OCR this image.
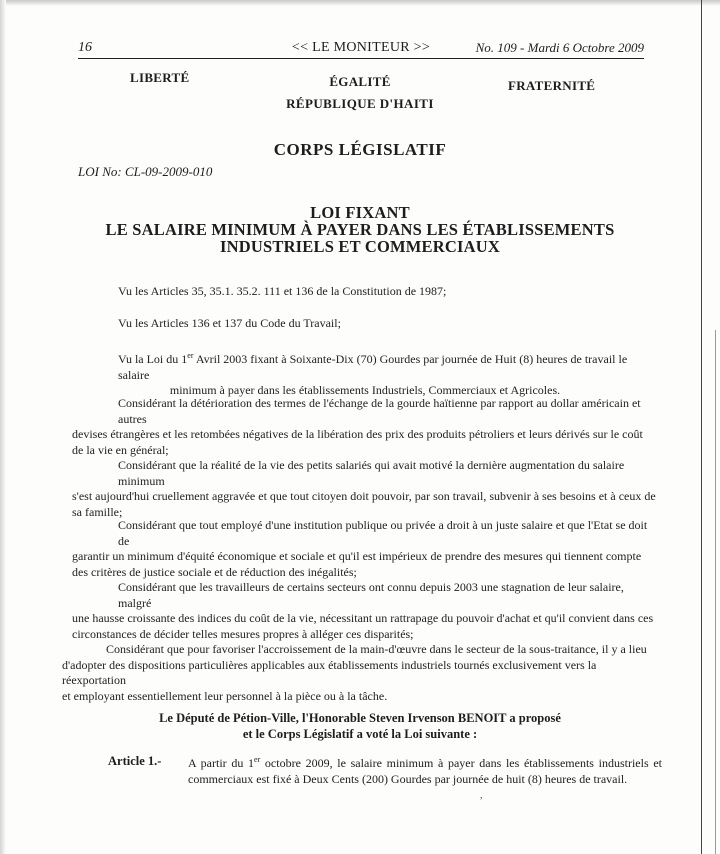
16	<< LE MONITEUR >>	No. 109 - Mardi 6 Octobre 2009
LIBERTÉ	ÉGALITÉ	FRATERNITÉ
RÉPUBLIQUE D'HAITI
CORPS LÉGISLATIF
LOI No: CL-09-2009-010
LOI FIXANT
LE SALAIRE MINIMUM À PAYER DANS LES ÉTABLISSEMENTS
INDUSTRIELS ET COMMERCIAUX
Vu les Articles 35, 35.1. 35.2. 111 et 136 de la Constitution de 1987;
Vu les Articles 136 et 137 du Code du Travail;
Vu la Loi du 1er Avril 2003 fixant à Soixante-Dix (70) Gourdes par journée de Huit (8) heures de travail le salaire
minimum à payer dans les établissements Industriels, Commerciaux et Agricoles.
Considérant la détérioration des termes de l'échange de la gourde haïtienne par rapport au dollar américain et autres
devises étrangères et les retombées négatives de la libération des prix des produits pétroliers et leurs dérivés sur le coût
de la vie en général;
Considérant que la réalité de la vie des petits salariés qui avait motivé la dernière augmentation du salaire minimum
s'est aujourd'hui cruellement aggravée et que tout citoyen doit pouvoir, par son travail, subvenir à ses besoins et à ceux de
sa famille;
Considérant que tout employé d'une institution publique ou privée a droit à un juste salaire et que l'Etat se doit de
garantir un minimum d'équité économique et sociale et qu'il est impérieux de prendre des mesures qui tiennent compte
des critères de justice sociale et de réduction des inégalités;
Considérant que les travailleurs de certains secteurs ont connu depuis 2003 une stagnation de leur salaire, malgré
une hausse croissante des indices du coût de la vie, nécessitant un rattrapage du pouvoir d'achat et qu'il convient dans ces
circonstances de décider telles mesures propres à alléger ces disparités;
Considérant que pour favoriser l'accroissement de la main-d'œuvre dans le secteur de la sous-traitance, il y a lieu
d'adopter des dispositions particulières applicables aux établissements industriels tournés exclusivement vers la réexportation
et employant essentiellement leur personnel à la pièce ou à la tâche.
Le Député de Pétion-Ville, l'Honorable Steven Irvenson BENOIT a proposé
et le Corps Législatif a voté la Loi suivante :
Article 1.- A partir du 1er octobre 2009, le salaire minimum à payer dans les établissements industriels et commerciaux est fixé à Deux Cents (200) Gourdes par journée de huit (8) heures de travail.
,
